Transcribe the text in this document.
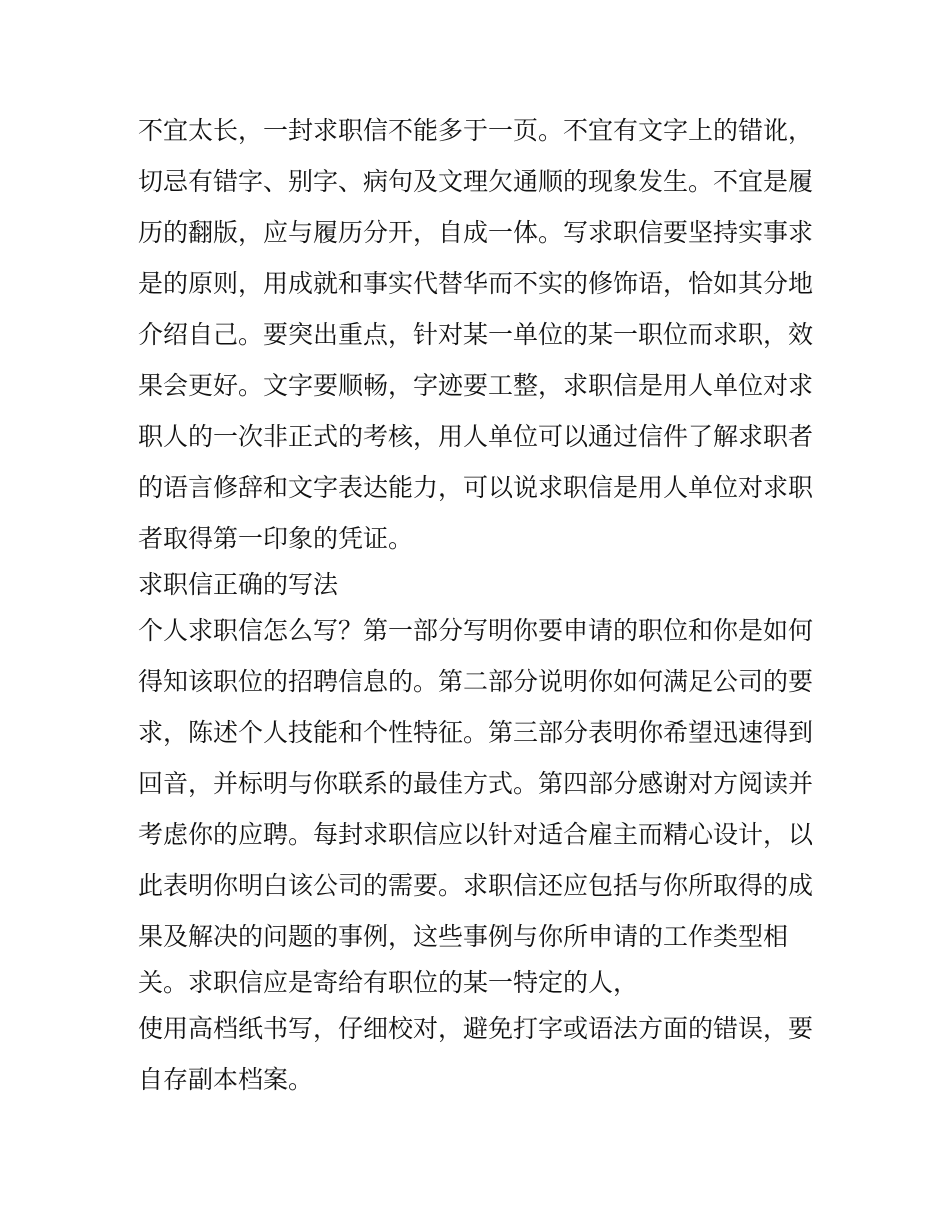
不宜太长，一封求职信不能多于一页。不宜有文字上的错讹，
切忌有错字、别字、病句及文理欠通顺的现象发生。不宜是履
历的翻版，应与履历分开，自成一体。写求职信要坚持实事求
是的原则，用成就和事实代替华而不实的修饰语，恰如其分地
介绍自己。要突出重点，针对某一单位的某一职位而求职，效
果会更好。文字要顺畅，字迹要工整，求职信是用人单位对求
职人的一次非正式的考核，用人单位可以通过信件了解求职者
的语言修辞和文字表达能力，可以说求职信是用人单位对求职
者取得第一印象的凭证。
求职信正确的写法
个人求职信怎么写？第一部分写明你要申请的职位和你是如何
得知该职位的招聘信息的。第二部分说明你如何满足公司的要
求，陈述个人技能和个性特征。第三部分表明你希望迅速得到
回音，并标明与你联系的最佳方式。第四部分感谢对方阅读并
考虑你的应聘。每封求职信应以针对适合雇主而精心设计，以
此表明你明白该公司的需要。求职信还应包括与你所取得的成
果及解决的问题的事例，这些事例与你所申请的工作类型相
关。求职信应是寄给有职位的某一特定的人，
使用高档纸书写，仔细校对，避免打字或语法方面的错误，要
自存副本档案。
